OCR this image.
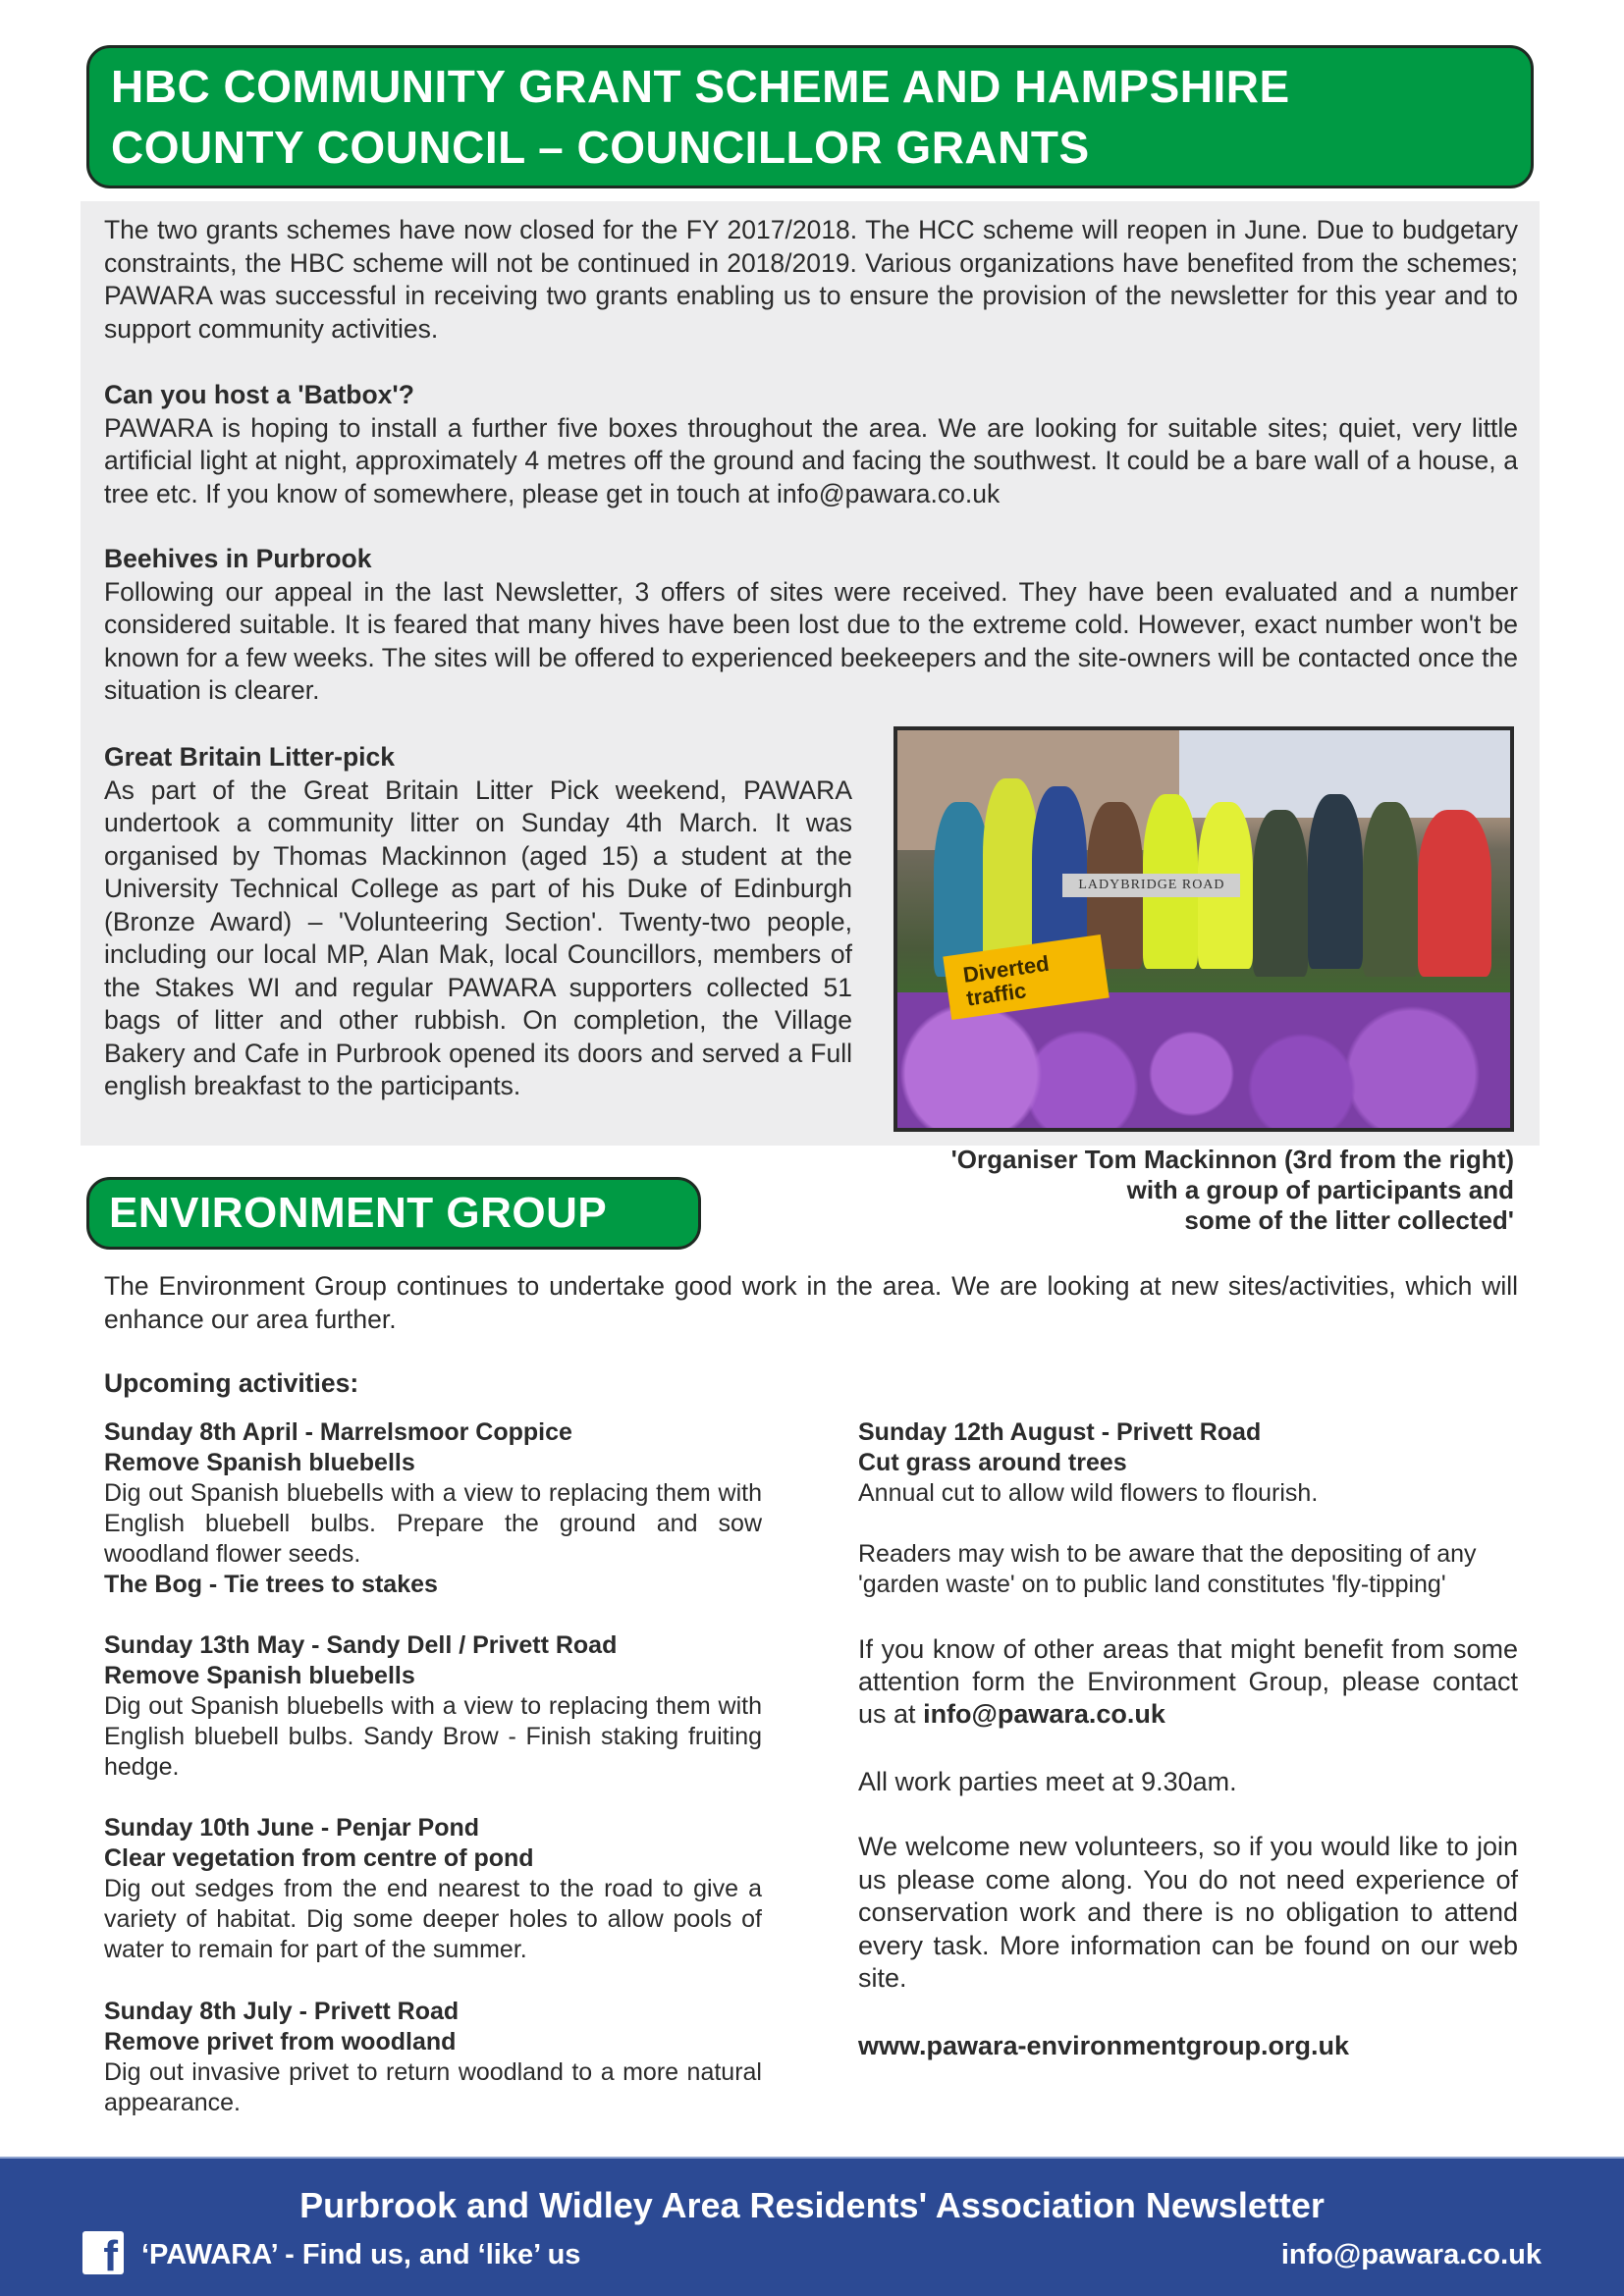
HBC COMMUNITY GRANT SCHEME AND HAMPSHIRE
COUNTY COUNCIL – COUNCILLOR GRANTS
The two grants schemes have now closed for the FY 2017/2018. The HCC scheme will reopen in June. Due to budgetary constraints, the HBC scheme will not be continued in 2018/2019. Various organizations have benefited from the schemes; PAWARA was successful in receiving two grants enabling us to ensure the provision of the newsletter for this year and to support community activities.
Can you host a 'Batbox'?
PAWARA is hoping to install a further five boxes throughout the area. We are looking for suitable sites; quiet, very little artificial light at night, approximately 4 metres off the ground and facing the southwest. It could be a bare wall of a house, a tree etc. If you know of somewhere, please get in touch at info@pawara.co.uk
Beehives in Purbrook
Following our appeal in the last Newsletter, 3 offers of sites were received. They have been evaluated and a number considered suitable. It is feared that many hives have been lost due to the extreme cold. However, exact number won't be known for a few weeks. The sites will be offered to experienced beekeepers and the site-owners will be contacted once the situation is clearer.
Great Britain Litter-pick
As part of the Great Britain Litter Pick weekend, PAWARA undertook a community litter on Sunday 4th March. It was organised by Thomas Mackinnon (aged 15) a student at the University Technical College as part of his Duke of Edinburgh (Bronze Award) – 'Volunteering Section'. Twenty-two people, including our local MP, Alan Mak, local Councillors, members of the Stakes WI and regular PAWARA supporters collected 51 bags of litter and other rubbish. On completion, the Village Bakery and Cafe in Purbrook opened its doors and served a Full english breakfast to the participants.
LADYBRIDGE ROAD
Diverted
traffic
'Organiser Tom Mackinnon (3rd from the right)
with a group of participants and
some of the litter collected'
ENVIRONMENT GROUP
The Environment Group continues to undertake good work in the area. We are looking at new sites/activities, which will enhance our area further.
Upcoming activities:
Sunday 8th April - Marrelsmoor Coppice
Remove Spanish bluebells
Dig out Spanish bluebells with a view to replacing them with English bluebell bulbs. Prepare the ground and sow woodland flower seeds.
The Bog - Tie trees to stakes
Sunday 13th May - Sandy Dell / Privett Road
Remove Spanish bluebells
Dig out Spanish bluebells with a view to replacing them with English bluebell bulbs. Sandy Brow - Finish staking fruiting hedge.
Sunday 10th June - Penjar Pond
Clear vegetation from centre of pond
Dig out sedges from the end nearest to the road to give a variety of habitat. Dig some deeper holes to allow pools of water to remain for part of the summer.
Sunday 8th July - Privett Road
Remove privet from woodland
Dig out invasive privet to return woodland to a more natural appearance.
Sunday 12th August - Privett Road
Cut grass around trees
Annual cut to allow wild flowers to flourish.
Readers may wish to be aware that the depositing of any 'garden waste' on to public land constitutes 'fly-tipping'
If you know of other areas that might benefit from some attention form the Environment Group, please contact us at info@pawara.co.uk
All work parties meet at 9.30am.
We welcome new volunteers, so if you would like to join us please come along. You do not need experience of conservation work and there is no obligation to attend every task. More information can be found on our web site.
www.pawara-environmentgroup.org.uk
Purbrook and Widley Area Residents' Association Newsletter
f ‘PAWARA’ - Find us, and ‘like’ us	info@pawara.co.uk
